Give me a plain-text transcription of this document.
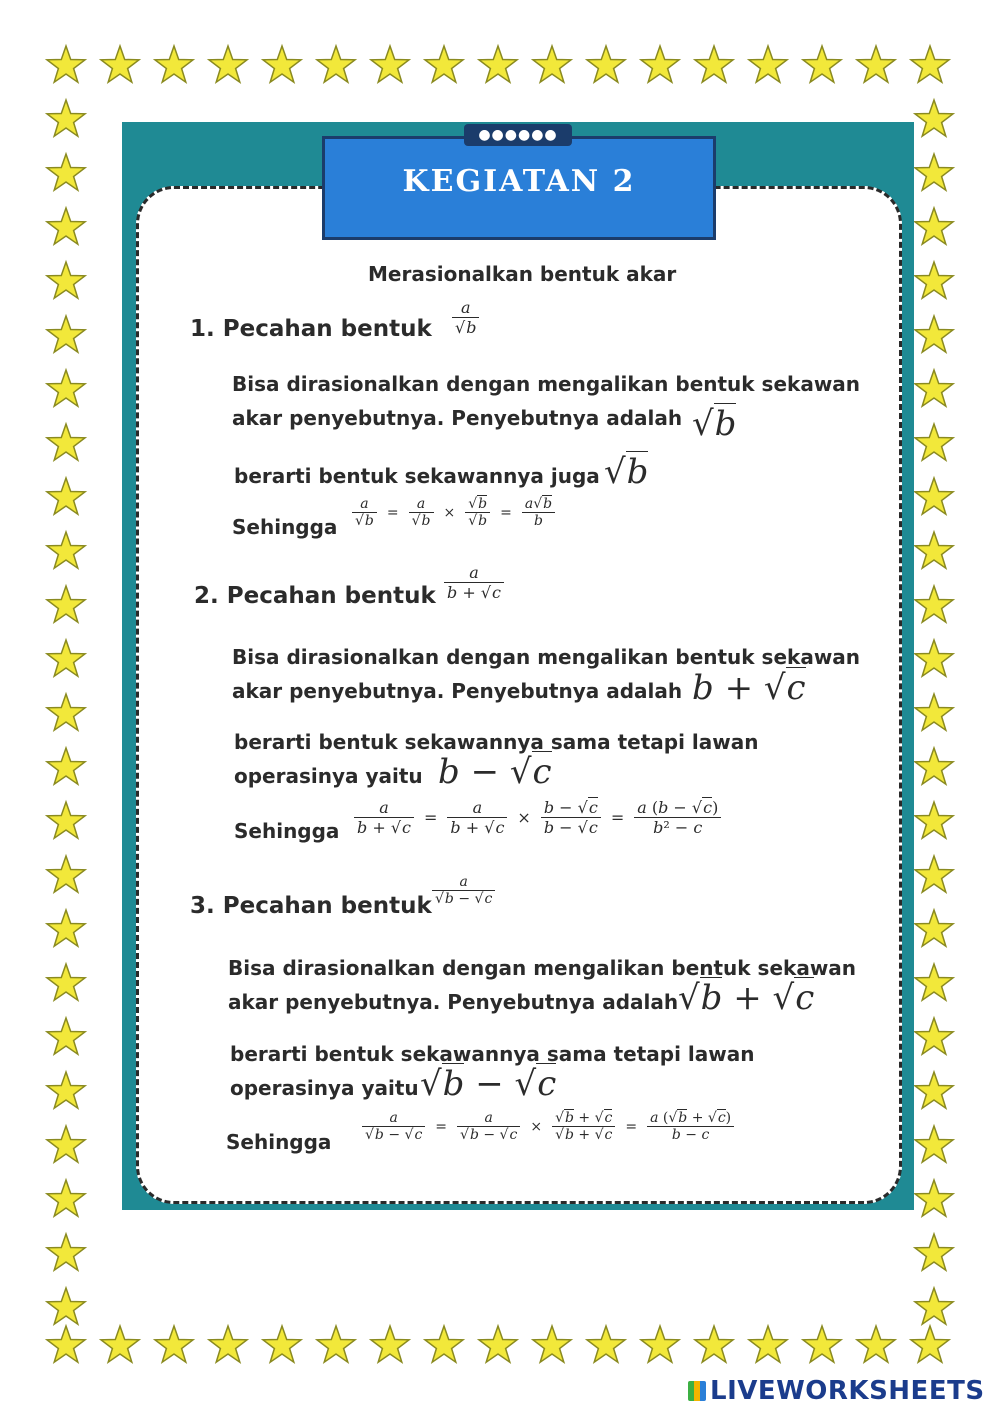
●●●●●●
KEGIATAN 2
Merasionalkan bentuk akar
1. Pecahan bentuk $\frac{a}{√b}$
Bisa dirasionalkan dengan mengalikan bentuk sekawan
akar penyebutnya. Penyebutnya adalah √b
berarti bentuk sekawannya juga √b
Sehingga $\frac{a}{√b} = \frac{a}{√b} \times \frac{√b}{√b} = \frac{a√b}{b}$
2. Pecahan bentuk $\frac{a}{b + √c}$
Bisa dirasionalkan dengan mengalikan bentuk sekawan
akar penyebutnya. Penyebutnya adalah b + √c
berarti bentuk sekawannya sama tetapi lawan
operasinya yaitu b − √c
Sehingga $\frac{a}{b + √c} = \frac{a}{b + √c} \times \frac{b - √c}{b - √c} = \frac{a (b - √c)}{\text{b² − c}}$
3. Pecahan bentuk $\frac{a}{√b - √c}$
Bisa dirasionalkan dengan mengalikan bentuk sekawan
akar penyebutnya. Penyebutnya adalah √b + √c
berarti bentuk sekawannya sama tetapi lawan
operasinya yaitu √b − √c
Sehingga $\frac{a}{√b - √c} = \frac{a}{√b - √c} \times \frac{√b + √c}{√b + √c} = \frac{a (√b + √c)}{b - c}$
LIVEWORKSHEETS
